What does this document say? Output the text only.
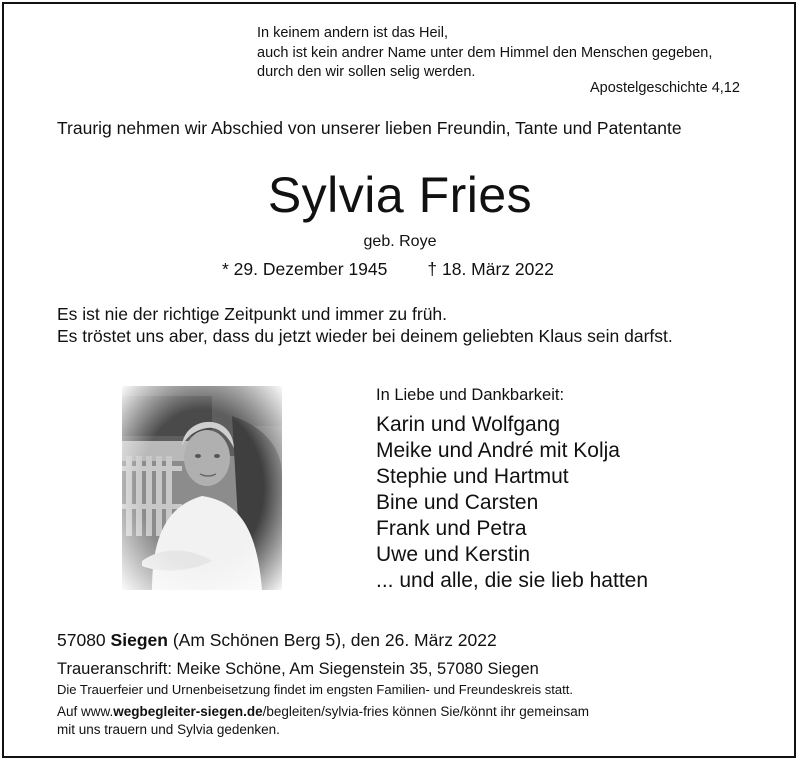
In keinem andern ist das Heil,
auch ist kein andrer Name unter dem Himmel den Menschen gegeben,
durch den wir sollen selig werden.
Apostelgeschichte 4,12
Traurig nehmen wir Abschied von unserer lieben Freundin, Tante und Patentante
Sylvia Fries
geb. Roye
* 29. Dezember 1945 † 18. März 2022
Es ist nie der richtige Zeitpunkt und immer zu früh.
Es tröstet uns aber, dass du jetzt wieder bei deinem geliebten Klaus sein darfst.
In Liebe und Dankbarkeit:
Karin und Wolfgang
Meike und André mit Kolja
Stephie und Hartmut
Bine und Carsten
Frank und Petra
Uwe und Kerstin
... und alle, die sie lieb hatten
57080 Siegen (Am Schönen Berg 5), den 26. März 2022
Traueranschrift: Meike Schöne, Am Siegenstein 35, 57080 Siegen
Die Trauerfeier und Urnenbeisetzung findet im engsten Familien- und Freundeskreis statt.
Auf www.wegbegleiter-siegen.de/begleiten/sylvia-fries können Sie/könnt ihr gemeinsam
mit uns trauern und Sylvia gedenken.
